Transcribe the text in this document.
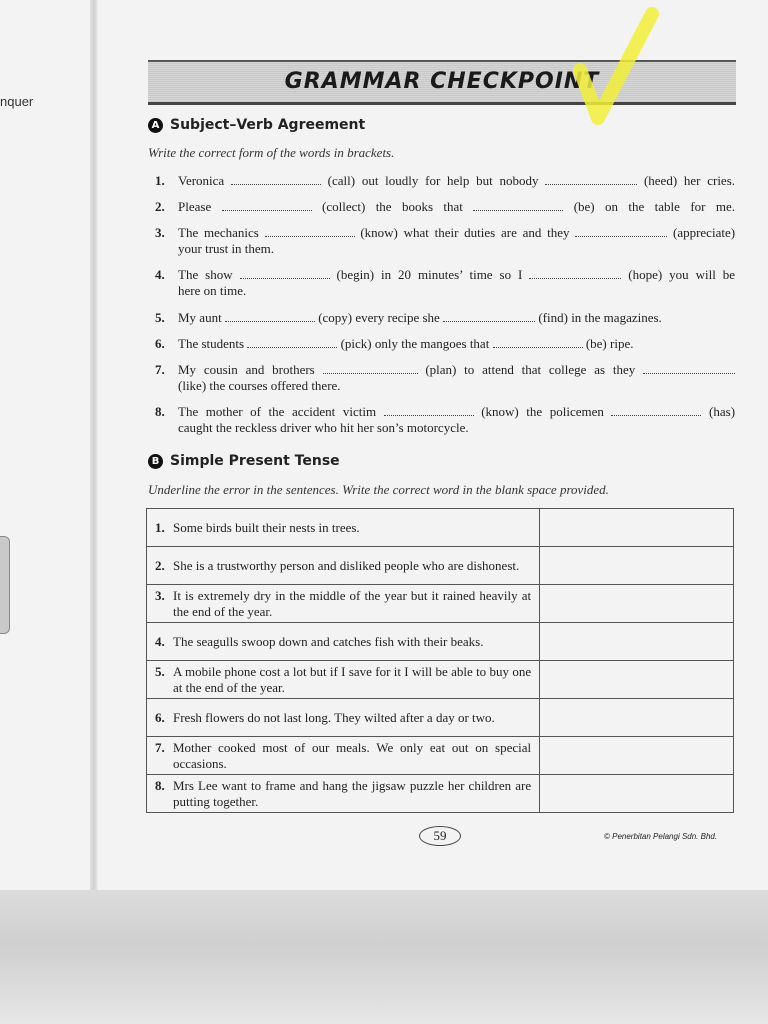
nquer
GRAMMAR CHECKPOINT
A Subject–Verb Agreement
Write the correct form of the words in brackets.
1.	Veronica	(call) out loudly for help but nobody	(heed) her cries.
2.	Please	(collect) the books that	(be) on the table for me.
3.	The mechanics	(know) what their duties are and they	(appreciate)
your trust in them.
4.	The show	(begin) in 20 minutes’ time so I	(hope) you will be
here on time.
5.	My aunt	(copy) every recipe she	(find) in the magazines.
6.	The students	(pick) only the mangoes that	(be) ripe.
7.	My cousin and brothers	(plan) to attend that college as they
(like) the courses offered there.
8.	The mother of the accident victim	(know) the policemen	(has)
caught the reckless driver who hit her son’s motorcycle.
B Simple Present Tense
Underline the error in the sentences. Write the correct word in the blank space provided.
1. Some birds built their nests in trees.	

2. She is a trustworthy person and disliked people who are dishonest.	

3. It is extremely dry in the middle of the year but it rained heavily at the end of the year.	

4. The seagulls swoop down and catches fish with their beaks.	

5. A mobile phone cost a lot but if I save for it I will be able to buy one at the end of the year.	

6. Fresh flowers do not last long. They wilted after a day or two.	

7. Mother cooked most of our meals. We only eat out on special occasions.	

8. Mrs Lee want to frame and hang the jigsaw puzzle her children are putting together.	

59	© Penerbitan Pelangi Sdn. Bhd.
